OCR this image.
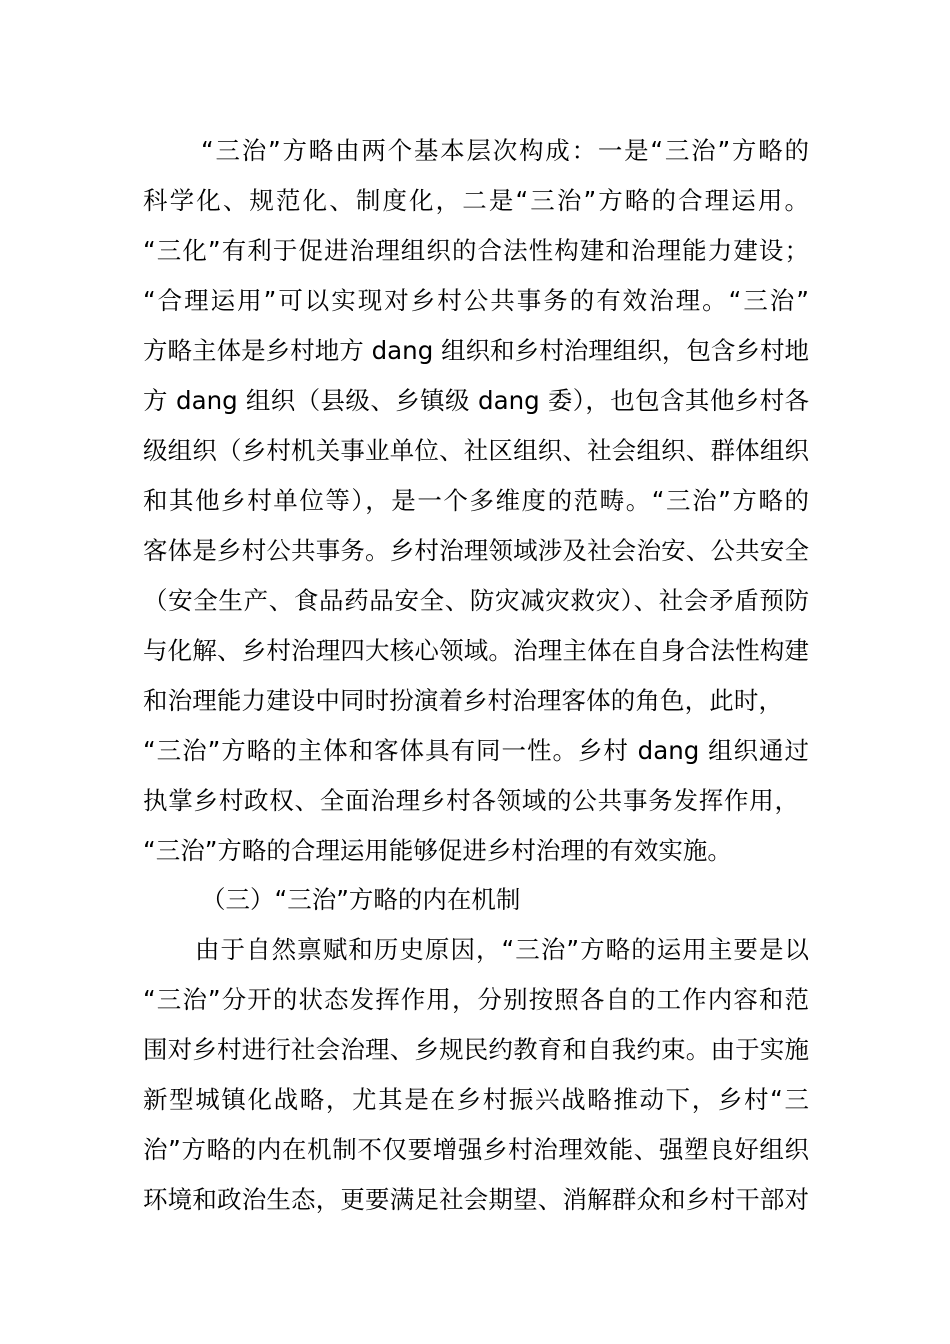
“三治”方略由两个基本层次构成：一是“三治”方略的
科学化、规范化、制度化，二是“三治”方略的合理运用。
“三化”有利于促进治理组织的合法性构建和治理能力建设；
“合理运用”可以实现对乡村公共事务的有效治理。“三治”
方略主体是乡村地方 dang 组织和乡村治理组织，包含乡村地
方 dang 组织（县级、乡镇级 dang 委），也包含其他乡村各
级组织（乡村机关事业单位、社区组织、社会组织、群体组织
和其他乡村单位等），是一个多维度的范畴。“三治”方略的
客体是乡村公共事务。乡村治理领域涉及社会治安、公共安全
（安全生产、食品药品安全、防灾减灾救灾）、社会矛盾预防
与化解、乡村治理四大核心领域。治理主体在自身合法性构建
和治理能力建设中同时扮演着乡村治理客体的角色，此时，
“三治”方略的主体和客体具有同一性。乡村 dang 组织通过
执掌乡村政权、全面治理乡村各领域的公共事务发挥作用，
“三治”方略的合理运用能够促进乡村治理的有效实施。
（三）“三治”方略的内在机制
由于自然禀赋和历史原因，“三治”方略的运用主要是以
“三治”分开的状态发挥作用，分别按照各自的工作内容和范
围对乡村进行社会治理、乡规民约教育和自我约束。由于实施
新型城镇化战略，尤其是在乡村振兴战略推动下，乡村“三
治”方略的内在机制不仅要增强乡村治理效能、强塑良好组织
环境和政治生态，更要满足社会期望、消解群众和乡村干部对
